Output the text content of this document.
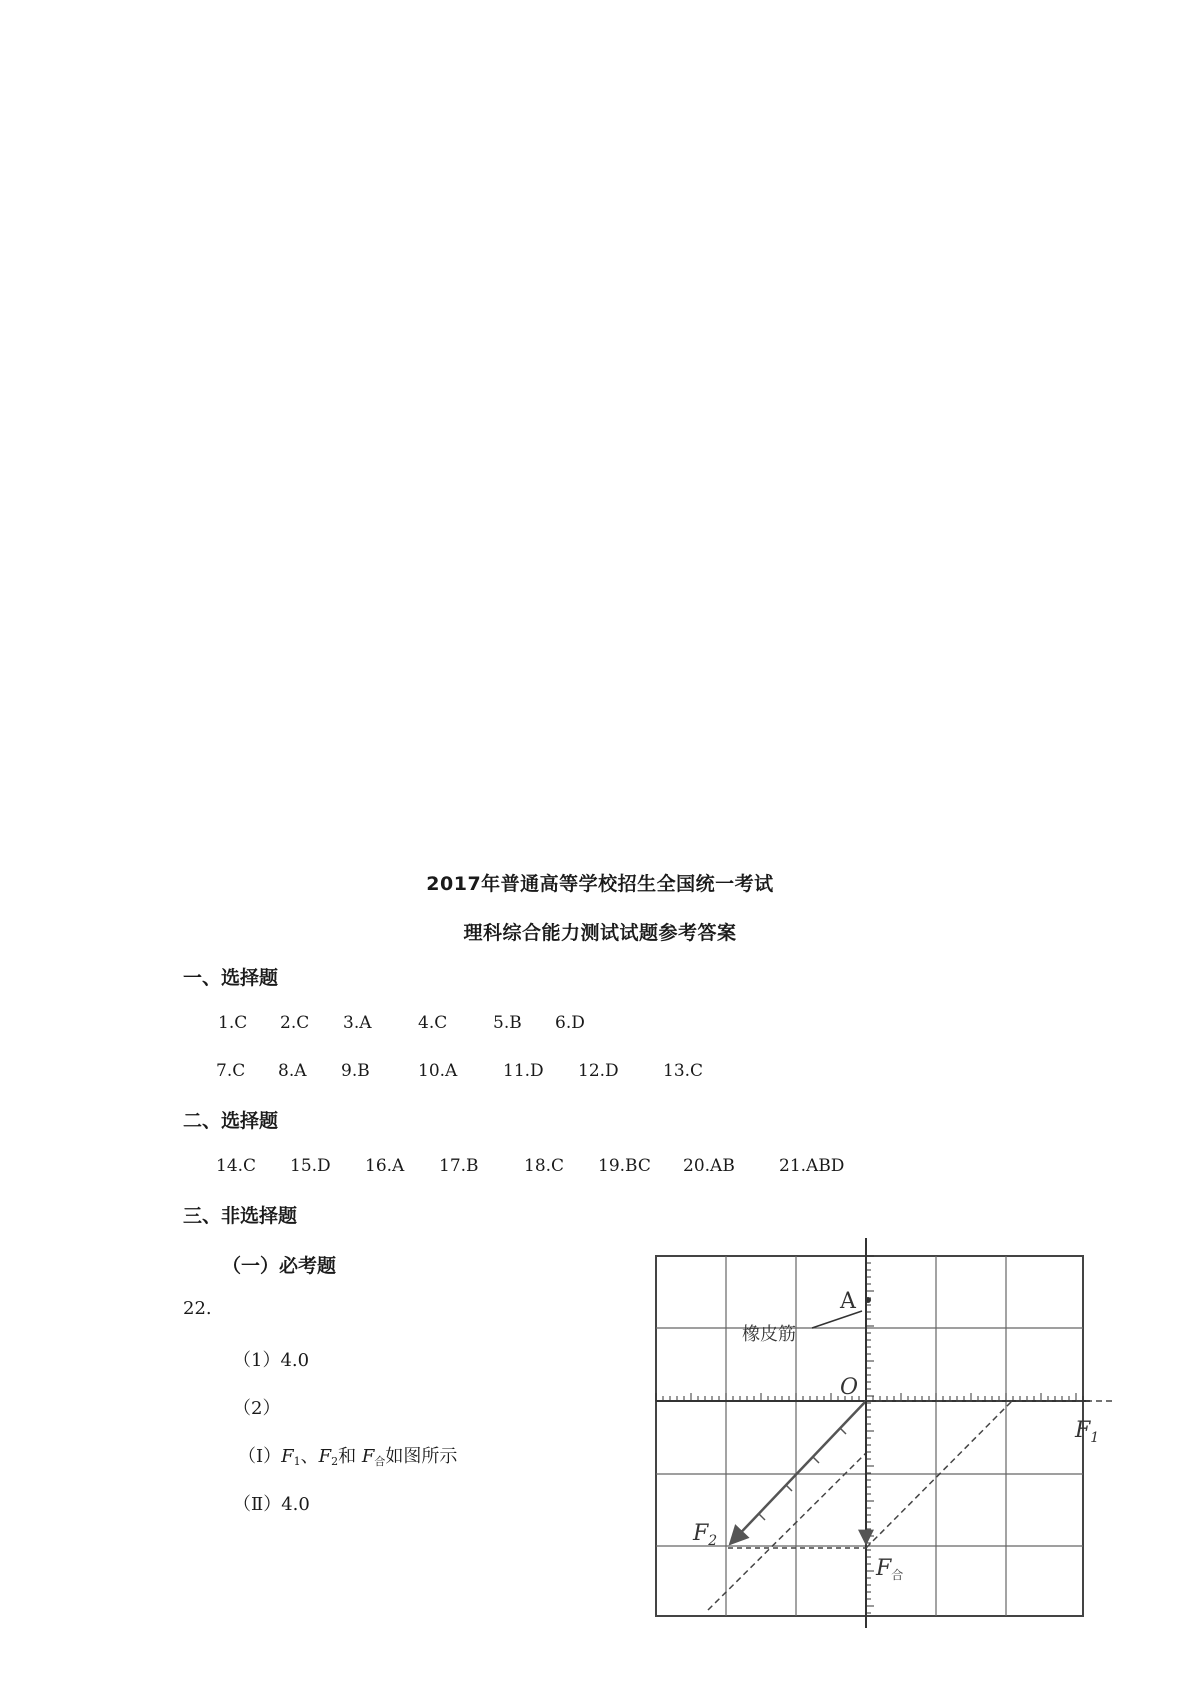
2017年普通高等学校招生全国统一考试
理科综合能力测试试题参考答案
一、选择题
1.C 2.C 3.A	4.C	5.B 6.D
7.C 8.A 9.B	10.A	11.D 12.D	13.C
二、选择题
14.C 15.D 16.A 17.B	18.C 19.BC 20.AB	21.ABD
三、非选择题
（一）必考题
22.
（1）4.0
（2）
$(Ⅰ)F_1$、$F_2$和 $F_合$如图所示
（Ⅱ）4.0
A
橡皮筋
O
$F_1$
$F_2$
F合
